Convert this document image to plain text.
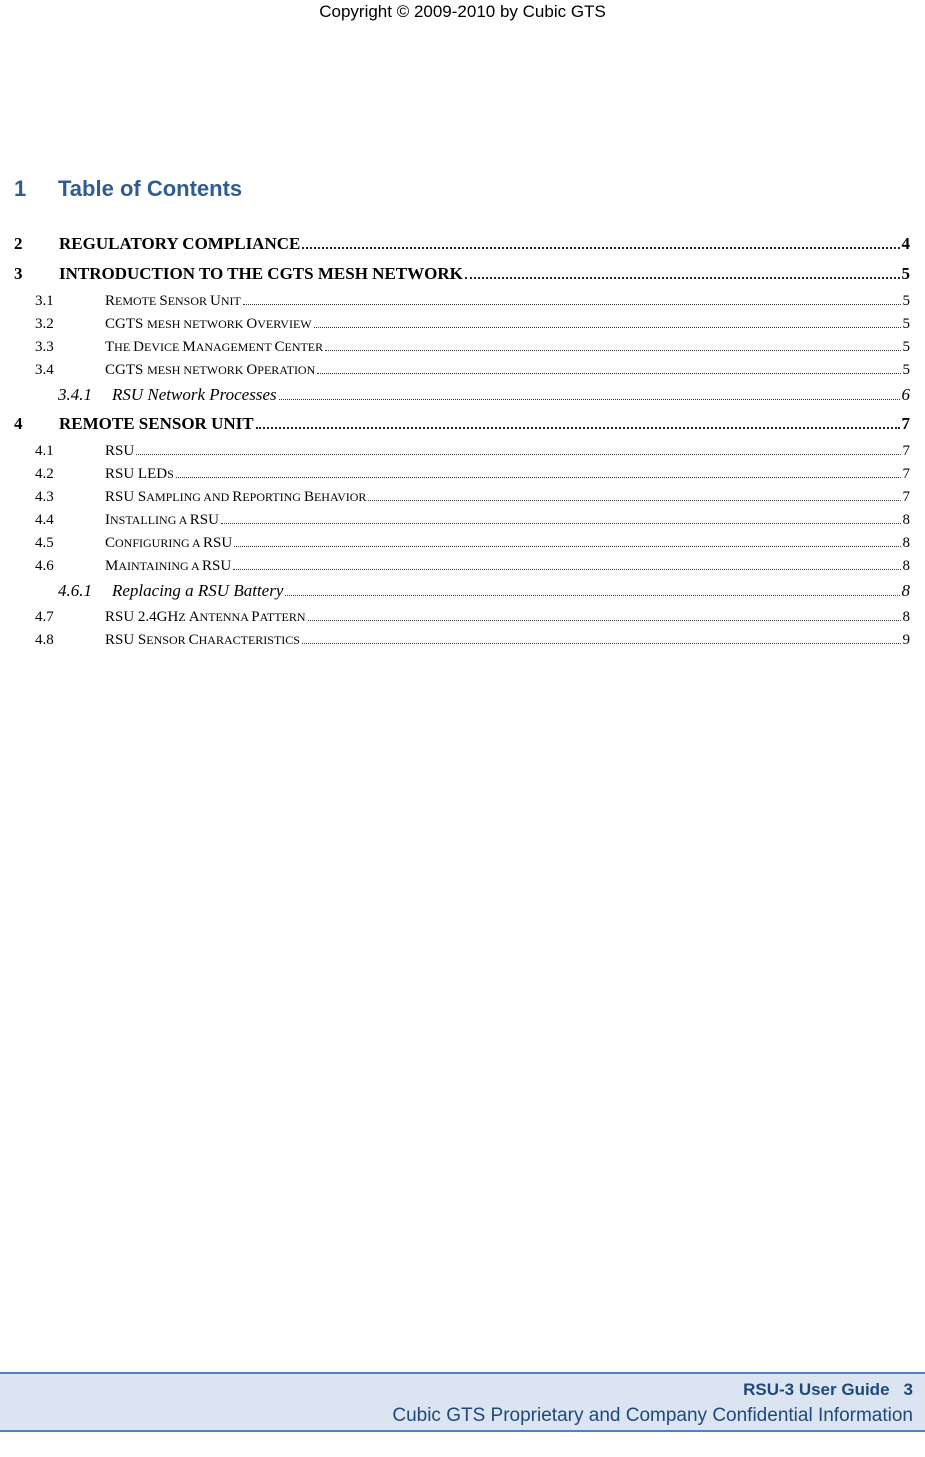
Copyright © 2009-2010 by Cubic GTS
1 Table of Contents
2	REGULATORY COMPLIANCE	4
3	INTRODUCTION TO THE CGTS MESH NETWORK	5
3.1	REMOTE SENSOR UNIT	5
3.2	CGTS MESH NETWORK OVERVIEW	5
3.3	THE DEVICE MANAGEMENT CENTER	5
3.4	CGTS MESH NETWORK OPERATION	5
3.4.1	RSU Network Processes	6
4	REMOTE SENSOR UNIT	7
4.1	RSU	7
4.2	RSU LEDS	7
4.3	RSU SAMPLING AND REPORTING BEHAVIOR	7
4.4	INSTALLING A RSU	8
4.5	CONFIGURING A RSU	8
4.6	MAINTAINING A RSU	8
4.6.1	Replacing a RSU Battery	8
4.7	RSU 2.4GHZ ANTENNA PATTERN	8
4.8	RSU SENSOR CHARACTERISTICS	9
RSU-3 User Guide 3
Cubic GTS Proprietary and Company Confidential Information
